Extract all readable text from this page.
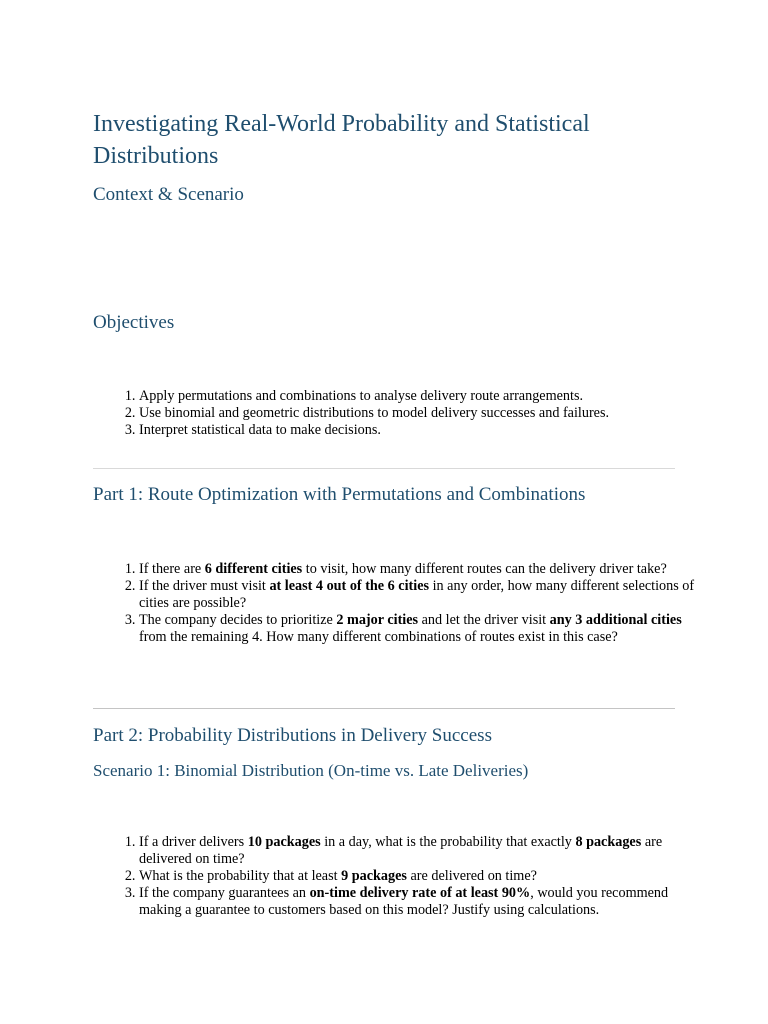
Investigating Real-World Probability and Statistical Distributions
Context & Scenario
Objectives
1. Apply permutations and combinations to analyse delivery route arrangements.
2. Use binomial and geometric distributions to model delivery successes and failures.
3. Interpret statistical data to make decisions.
Part 1: Route Optimization with Permutations and Combinations
1. If there are 6 different cities to visit, how many different routes can the delivery driver take?
2. If the driver must visit at least 4 out of the 6 cities in any order, how many different selections of cities are possible?
3. The company decides to prioritize 2 major cities and let the driver visit any 3 additional cities from the remaining 4. How many different combinations of routes exist in this case?
Part 2: Probability Distributions in Delivery Success
Scenario 1: Binomial Distribution (On-time vs. Late Deliveries)
1. If a driver delivers 10 packages in a day, what is the probability that exactly 8 packages are delivered on time?
2. What is the probability that at least 9 packages are delivered on time?
3. If the company guarantees an on-time delivery rate of at least 90%, would you recommend making a guarantee to customers based on this model? Justify using calculations.
